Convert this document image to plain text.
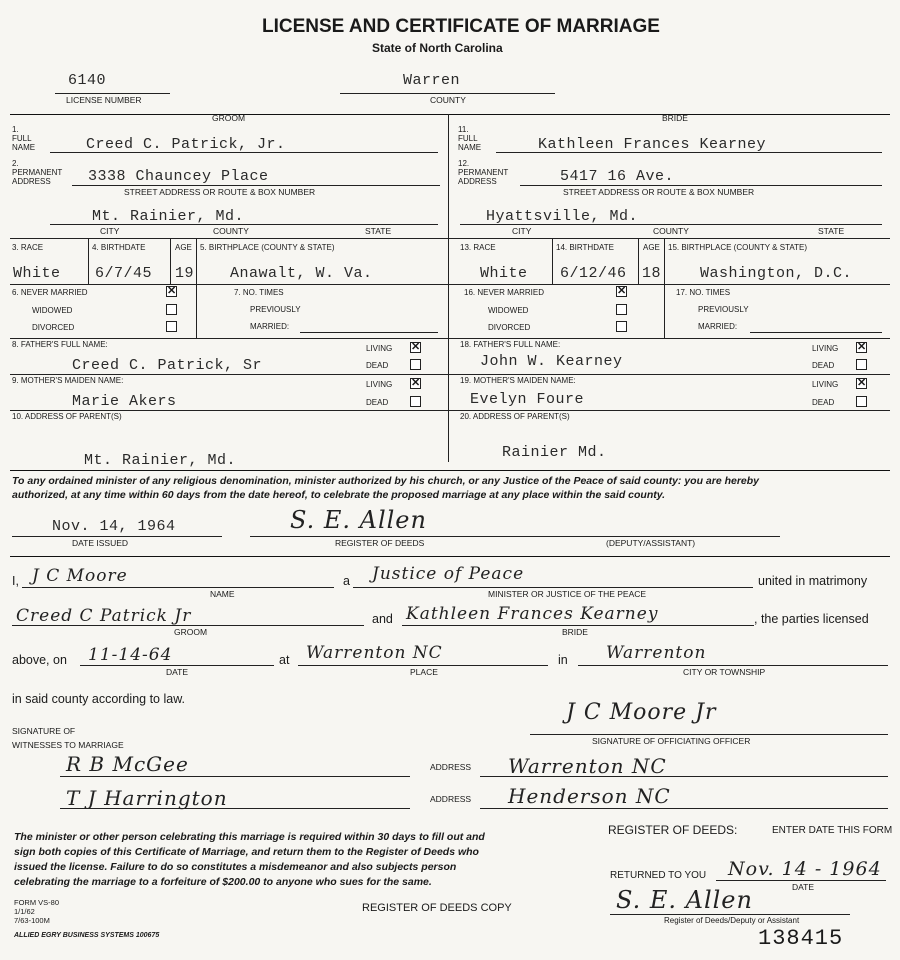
LICENSE AND CERTIFICATE OF MARRIAGE
State of North Carolina
6140
LICENSE NUMBER
Warren
COUNTY
GROOM
1.
FULL NAME	Creed C. Patrick, Jr.
2.
PERMANENT ADDRESS	3338 Chauncey Place
STREET ADDRESS OR ROUTE & BOX NUMBER
Mt. Rainier, Md.
CITY	COUNTY	STATE
3. RACE	4. BIRTHDATE	AGE 5. BIRTHPLACE (COUNTY & STATE)
White 6/7/45 19 Anawalt, W. Va.
6. NEVER MARRIED
✕
WIDOWED
DIVORCED
7. NO. TIMES
PREVIOUSLY
MARRIED:
8. FATHER'S FULL NAME:
Creed C. Patrick, Sr
LIVING
✕
DEAD
9. MOTHER'S MAIDEN NAME:
Marie Akers
LIVING
✕
DEAD
10. ADDRESS OF PARENT(S)
Mt. Rainier, Md.
BRIDE
11.
FULL NAME	Kathleen Frances Kearney
12.
PERMANENT ADDRESS	5417 16 Ave.
STREET ADDRESS OR ROUTE & BOX NUMBER
Hyattsville, Md.
CITY	COUNTY	STATE
13. RACE	14. BIRTHDATE	AGE 15. BIRTHPLACE (COUNTY & STATE)
White 6/12/46 18	Washington, D.C.
16. NEVER MARRIED
✕
WIDOWED
DIVORCED
17. NO. TIMES
PREVIOUSLY
MARRIED:
18. FATHER'S FULL NAME:
John W. Kearney
LIVING
✕
DEAD
19. MOTHER'S MAIDEN NAME:
Evelyn Foure
LIVING
✕
DEAD
20. ADDRESS OF PARENT(S)
Rainier Md.
To any ordained minister of any religious denomination, minister authorized by his church, or any Justice of the Peace of said county: you are hereby
authorized, at any time within 60 days from the date hereof, to celebrate the proposed marriage at any place within the said county.
Nov. 14, 1964
DATE ISSUED
S. E. Allen
REGISTER OF DEEDS	(DEPUTY/ASSISTANT)
I, J C Moore
NAME
a Justice of Peace
MINISTER OR JUSTICE OF THE PEACE
united in matrimony
Creed C Patrick Jr
GROOM
and Kathleen Frances Kearney
BRIDE
, the parties licensed
above, on 11-14-64
DATE
at Warrenton NC
PLACE
in Warrenton
CITY OR TOWNSHIP
in said county according to law.
J C Moore Jr
SIGNATURE OF OFFICIATING OFFICER
SIGNATURE OF
WITNESSES TO MARRIAGE
R B McGee	ADDRESS Warrenton NC
T J Harrington	ADDRESS Henderson NC
The minister or other person celebrating this marriage is required within 30 days to fill out and
sign both copies of this Certificate of Marriage, and return them to the Register of Deeds who
issued the license. Failure to do so constitutes a misdemeanor and also subjects person
celebrating the marriage to a forfeiture of $200.00 to anyone who sues for the same.
REGISTER OF DEEDS:	ENTER DATE THIS FORM
RETURNED TO YOU Nov. 14 - 1964
DATE
FORM VS-80
1/1/62
7/63-100M
ALLIED EGRY BUSINESS SYSTEMS 100675
REGISTER OF DEEDS COPY	S. E. Allen
Register of Deeds/Deputy or Assistant
138415
